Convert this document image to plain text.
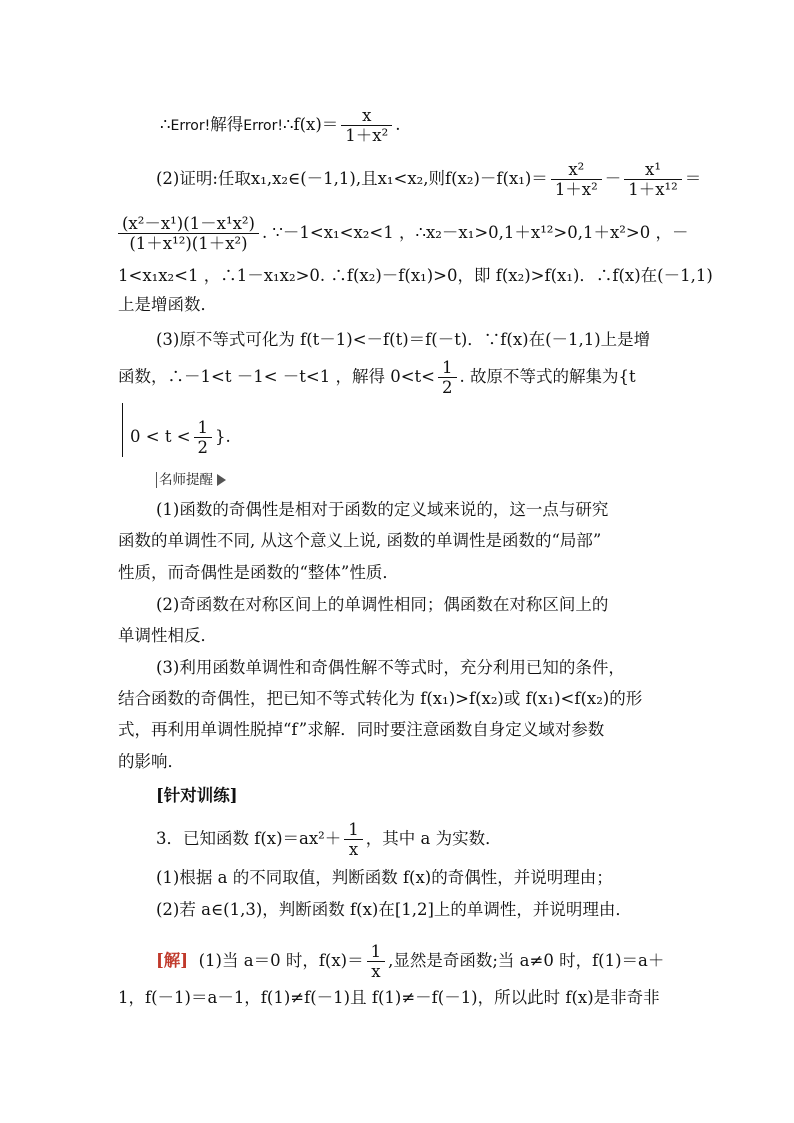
∴Error!解得Error!∴f(x)＝ $\frac{x}{\text{1＋x²}}$ .
(2)证明:任取x₁,x₂∈(－1,1),且x₁<x₂,则$f(x_2)-f(x_1)= \frac{\text{x²}}{\text{1＋x²}} - \frac{\text{x¹}}{\text{1＋x¹²}}$ ＝
$\frac{\text{(x²－x¹)(1－x¹x²)}}{\text{(1＋x¹²)(1＋x²)}}$ . ∵－1<x₁<x₂<1 ，∴x₂－x₁>0,1＋x¹²>0,1＋x²>0 ，－
1<x₁x₂<1 ，∴1－x₁x₂>0. ∴f(x₂)－f(x₁)>0，即 f(x₂)>f(x₁)．∴f(x)在(－1,1)
上是增函数．
(3)原不等式可化为 f(t－1)<－f(t)＝f(－t)．∵f(x)在(－1,1)上是增
函数，∴－1<t －1< －t<1 ，解得 $0<t< \frac{1}{2}$ . 故原不等式的解集为{t
$0 < t < \frac{1}{2}$ }.
名师提醒
(1)函数的奇偶性是相对于函数的定义域来说的，这一点与研究
函数的单调性不同, 从这个意义上说, 函数的单调性是函数的“局部”
性质，而奇偶性是函数的“整体”性质．
(2)奇函数在对称区间上的单调性相同；偶函数在对称区间上的
单调性相反．
(3)利用函数单调性和奇偶性解不等式时，充分利用已知的条件，
结合函数的奇偶性，把已知不等式转化为 f(x₁)>f(x₂)或 f(x₁)<f(x₂)的形
式，再利用单调性脱掉“f”求解．同时要注意函数自身定义域对参数
的影响．
[针对训练]
3．已知函数 $f(x)=ax^2+ \frac{1}{x}$ ，其中 a 为实数．
(1)根据 a 的不同取值，判断函数 f(x)的奇偶性，并说明理由；
(2)若 a∈(1,3)，判断函数 f(x)在[1,2]上的单调性，并说明理由．
[解] (1)当 a＝0 时，$f(x)= \frac{1}{x}$ ,显然是奇函数;当 a≠0 时，f(1)＝a＋
1，f(－1)＝a－1，f(1)≠f(－1)且 f(1)≠－f(－1)，所以此时 f(x)是非奇非
